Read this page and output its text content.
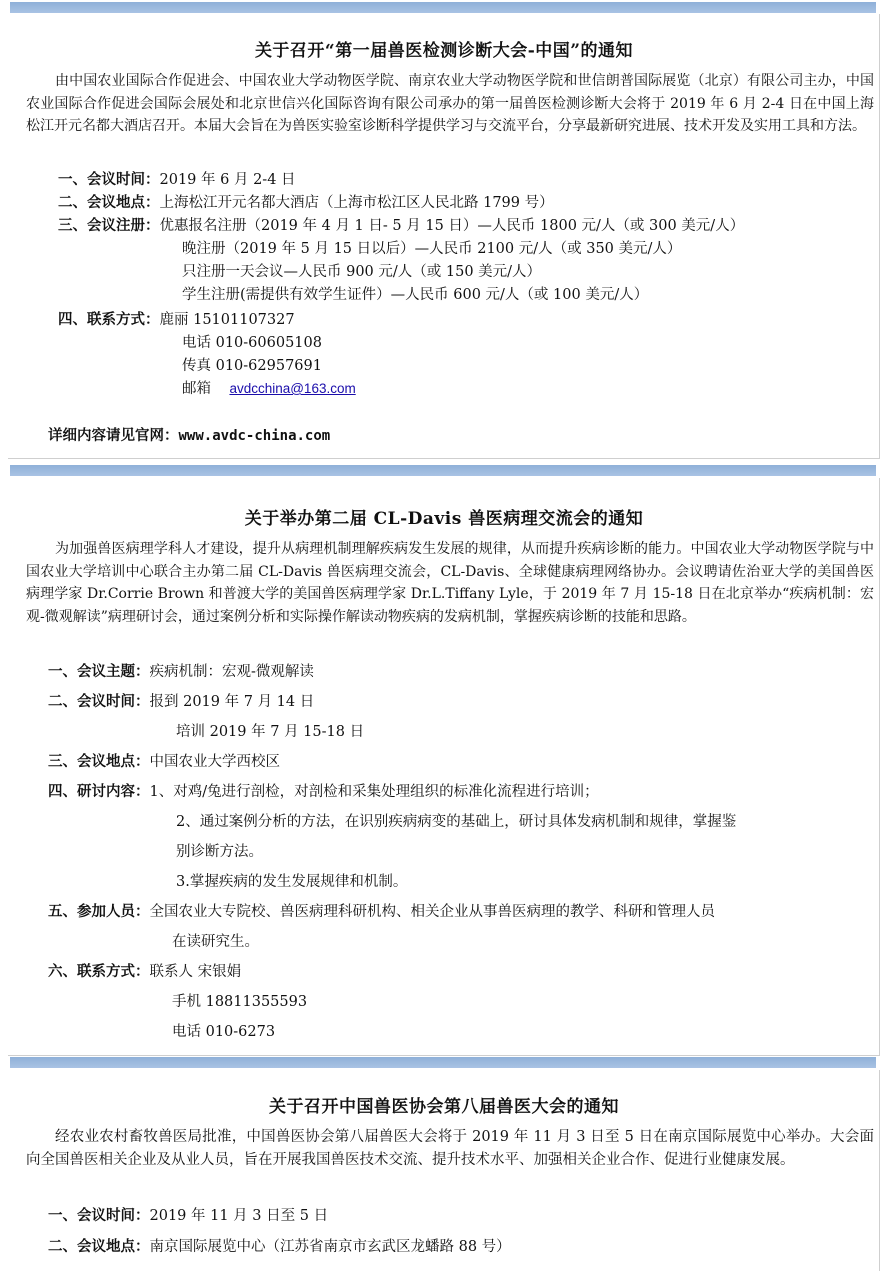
关于召开“第一届兽医检测诊断大会-中国”的通知

由中国农业国际合作促进会、中国农业大学动物医学院、南京农业大学动物医学院和世信朗普国际展览（北京）有限公司主办，中国农业国际合作促进会国际会展处和北京世信兴化国际咨询有限公司承办的第一届兽医检测诊断大会将于 2019 年 6 月 2-4 日在中国上海松江开元名都大酒店召开。本届大会旨在为兽医实验室诊断科学提供学习与交流平台，分享最新研究进展、技术开发及实用工具和方法。

一、会议时间：2019 年 6 月 2-4 日
二、会议地点：上海松江开元名都大酒店（上海市松江区人民北路 1799 号）
三、会议注册：优惠报名注册（2019 年 4 月 1 日- 5 月 15 日）—人民币 1800 元/人（或 300 美元/人）
晚注册（2019 年 5 月 15 日以后）—人民币 2100 元/人（或 350 美元/人）
只注册一天会议—人民币 900 元/人（或 150 美元/人）
学生注册(需提供有效学生证件）—人民币 600 元/人（或 100 美元/人）
四、联系方式：鹿丽 15101107327
电话 010-60605108
传真 010-62957691
邮箱 avdcchina@163.com
详细内容请见官网：www.avdc-china.com
关于举办第二届 CL-Davis 兽医病理交流会的通知

为加强兽医病理学科人才建设，提升从病理机制理解疾病发生发展的规律，从而提升疾病诊断的能力。中国农业大学动物医学院与中国农业大学培训中心联合主办第二届 CL-Davis 兽医病理交流会，CL-Davis、全球健康病理网络协办。会议聘请佐治亚大学的美国兽医病理学家 Dr.Corrie Brown 和普渡大学的美国兽医病理学家 Dr.L.Tiffany Lyle，于 2019 年 7 月 15-18 日在北京举办“疾病机制：宏观-微观解读”病理研讨会，通过案例分析和实际操作解读动物疾病的发病机制，掌握疾病诊断的技能和思路。

一、会议主题：疾病机制：宏观-微观解读
二、会议时间：报到 2019 年 7 月 14 日
培训 2019 年 7 月 15-18 日
三、会议地点：中国农业大学西校区
四、研讨内容：1、对鸡/兔进行剖检，对剖检和采集处理组织的标准化流程进行培训；
2、通过案例分析的方法，在识别疾病病变的基础上，研讨具体发病机制和规律，掌握鉴
别诊断方法。
3.掌握疾病的发生发展规律和机制。
五、参加人员：全国农业大专院校、兽医病理科研机构、相关企业从事兽医病理的教学、科研和管理人员
在读研究生。
六、联系方式：联系人 宋银娟
手机 18811355593
电话 010-6273
关于召开中国兽医协会第八届兽医大会的通知

经农业农村畜牧兽医局批准，中国兽医协会第八届兽医大会将于 2019 年 11 月 3 日至 5 日在南京国际展览中心举办。大会面向全国兽医相关企业及从业人员，旨在开展我国兽医技术交流、提升技术水平、加强相关企业合作、促进行业健康发展。

一、会议时间：2019 年 11 月 3 日至 5 日
二、会议地点：南京国际展览中心（江苏省南京市玄武区龙蟠路 88 号）
